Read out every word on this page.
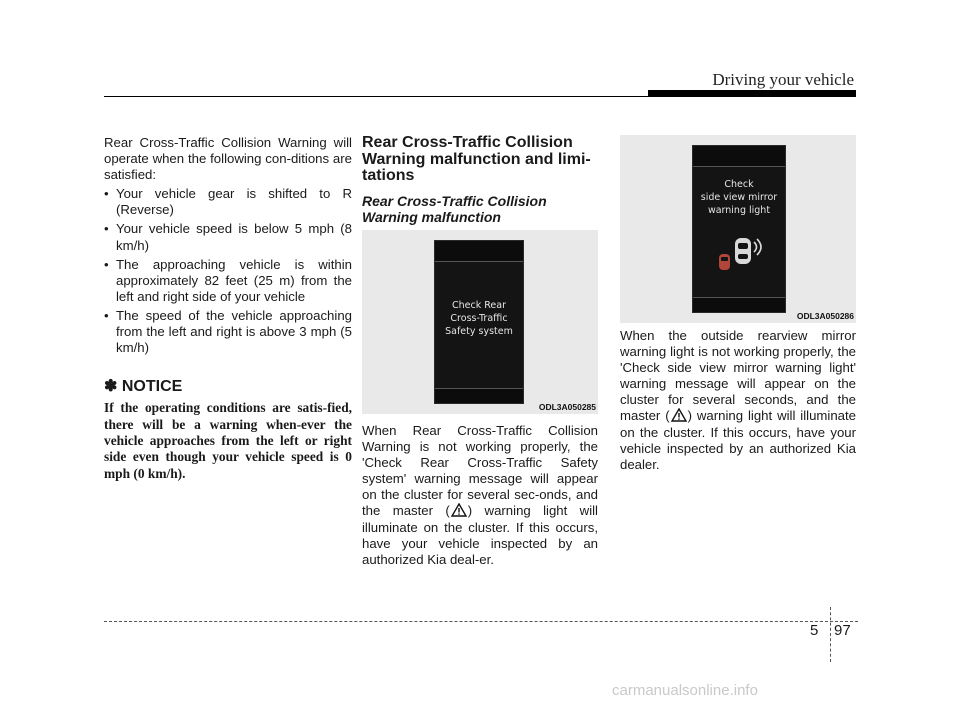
Driving your vehicle
Rear Cross-Traffic Collision Warning will operate when the following con-ditions are satisfied:
• Your vehicle gear is shifted to R (Reverse)
• Your vehicle speed is below 5 mph (8 km/h)
• The approaching vehicle is within approximately 82 feet (25 m) from the left and right side of your vehicle
• The speed of the vehicle approaching from the left and right is above 3 mph (5 km/h)
✽ NOTICE
If the operating conditions are satis-fied, there will be a warning when-ever the vehicle approaches from the left or right side even though your vehicle speed is 0 mph (0 km/h).
Rear Cross-Traffic Collision Warning malfunction and limi-tations
Rear Cross-Traffic Collision Warning malfunction
Check Rear
Cross-Traffic
Safety system
ODL3A050285
When Rear Cross-Traffic Collision Warning is not working properly, the 'Check Rear Cross-Traffic Safety system' warning message will appear on the cluster for several sec-onds, and the master ( ) warning light will illuminate on the cluster. If this occurs, have your vehicle inspected by an authorized Kia deal-er.
Check
side view mirror
warning light
ODL3A050286
When the outside rearview mirror warning light is not working properly, the 'Check side view mirror warning light' warning message will appear on the cluster for several seconds, and the master ( ) warning light will illuminate on the cluster. If this occurs, have your vehicle inspected by an authorized Kia dealer.
5 97
carmanualsonline.info
